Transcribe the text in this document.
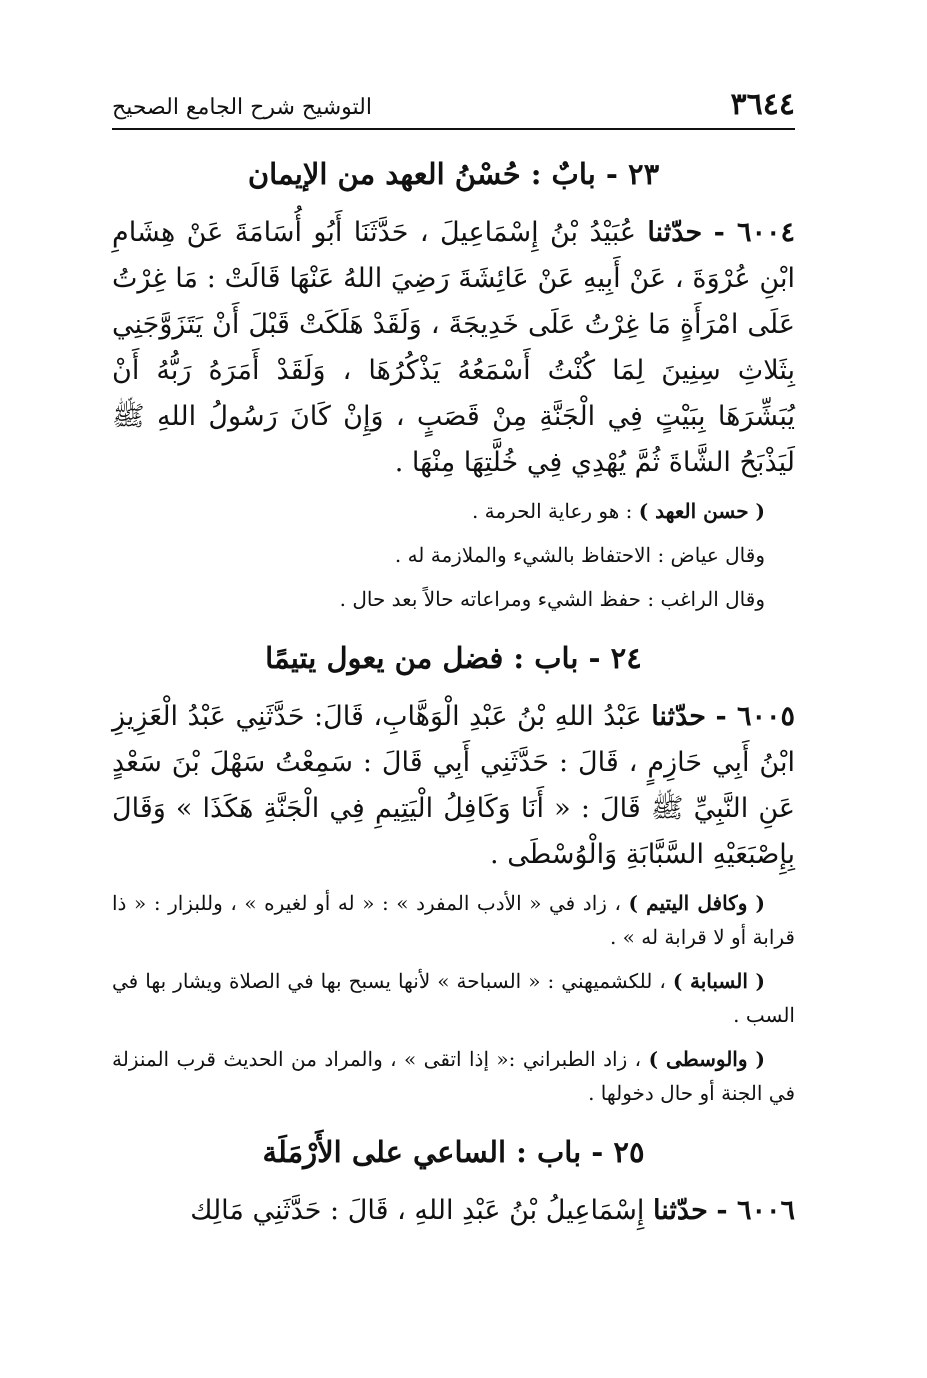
٣٦٤٤
التوشيح شرح الجامع الصحيح
٢٣ - بابٌ : حُسْنُ العهد من الإيمان
٦٠٠٤ - حدّثنا عُبَيْدُ بْنُ إِسْمَاعِيلَ ، حَدَّثَنَا أَبُو أُسَامَةَ عَنْ هِشَامِ ابْنِ عُرْوَةَ ، عَنْ أَبِيهِ عَنْ عَائِشَةَ رَضِيَ اللهُ عَنْهَا قَالَتْ : مَا غِرْتُ عَلَى امْرَأَةٍ مَا غِرْتُ عَلَى خَدِيجَةَ ، وَلَقَدْ هَلَكَتْ قَبْلَ أَنْ يَتَزَوَّجَنِي بِثَلاثِ سِنِينَ لِمَا كُنْتُ أَسْمَعُهُ يَذْكُرُهَا ، وَلَقَدْ أَمَرَهُ رَبُّهُ أَنْ يُبَشِّرَهَا بِبَيْتٍ فِي الْجَنَّةِ مِنْ قَصَبٍ ، وَإِنْ كَانَ رَسُولُ اللهِ ﷺ لَيَذْبَحُ الشَّاةَ ثُمَّ يُهْدِي فِي خُلَّتِهَا مِنْهَا .
( حسن العهد ) : هو رعاية الحرمة .
وقال عياض : الاحتفاظ بالشيء والملازمة له .
وقال الراغب : حفظ الشيء ومراعاته حالاً بعد حال .
٢٤ - باب : فضل من يعول يتيمًا
٦٠٠٥ - حدّثنا عَبْدُ اللهِ بْنُ عَبْدِ الْوَهَّابِ، قَالَ: حَدَّثَنِي عَبْدُ الْعَزِيزِ ابْنُ أَبِي حَازِمٍ ، قَالَ : حَدَّثَنِي أَبِي قَالَ : سَمِعْتُ سَهْلَ بْنَ سَعْدٍ عَنِ النَّبِيِّ ﷺ قَالَ : « أَنَا وَكَافِلُ الْيَتِيمِ فِي الْجَنَّةِ هَكَذَا » وَقَالَ بِإِصْبَعَيْهِ السَّبَّابَةِ وَالْوُسْطَى .
( وكافل اليتيم ) ، زاد في « الأدب المفرد » : « له أو لغيره » ، وللبزار : « ذا قرابة أو لا قرابة له » .
( السبابة ) ، للكشميهني : « السباحة » لأنها يسبح بها في الصلاة ويشار بها في السب .
( والوسطى ) ، زاد الطبراني :« إذا اتقى » ، والمراد من الحديث قرب المنزلة في الجنة أو حال دخولها .
٢٥ - باب : الساعي على الأَرْمَلَة
٦٠٠٦ - حدّثنا إِسْمَاعِيلُ بْنُ عَبْدِ اللهِ ، قَالَ : حَدَّثَنِي مَالِك
